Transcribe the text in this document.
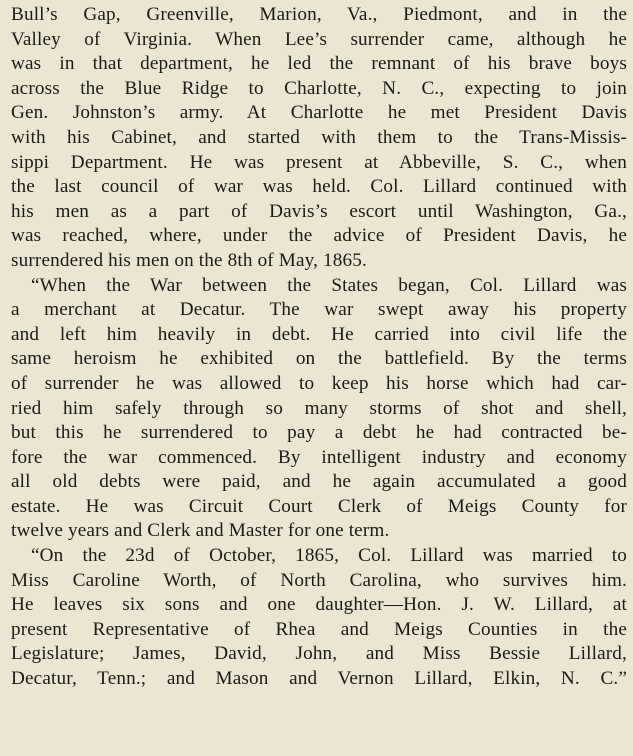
Bull’s Gap, Greenville, Marion, Va., Piedmont, and in the
Valley of Virginia. When Lee’s surrender came, although he
was in that department, he led the remnant of his brave boys
across the Blue Ridge to Charlotte, N. C., expecting to join
Gen. Johnston’s army. At Charlotte he met President Davis
with his Cabinet, and started with them to the Trans-Missis-
sippi Department. He was present at Abbeville, S. C., when
the last council of war was held. Col. Lillard continued with
his men as a part of Davis’s escort until Washington, Ga.,
was reached, where, under the advice of President Davis, he
surrendered his men on the 8th of May, 1865.
“When the War between the States began, Col. Lillard was
a merchant at Decatur. The war swept away his property
and left him heavily in debt. He carried into civil life the
same heroism he exhibited on the battlefield. By the terms
of surrender he was allowed to keep his horse which had car-
ried him safely through so many storms of shot and shell,
but this he surrendered to pay a debt he had contracted be-
fore the war commenced. By intelligent industry and economy
all old debts were paid, and he again accumulated a good
estate. He was Circuit Court Clerk of Meigs County for
twelve years and Clerk and Master for one term.
“On the 23d of October, 1865, Col. Lillard was married to
Miss Caroline Worth, of North Carolina, who survives him.
He leaves six sons and one daughter—Hon. J. W. Lillard, at
present Representative of Rhea and Meigs Counties in the
Legislature; James, David, John, and Miss Bessie Lillard,
Decatur, Tenn.; and Mason and Vernon Lillard, Elkin, N. C.”
